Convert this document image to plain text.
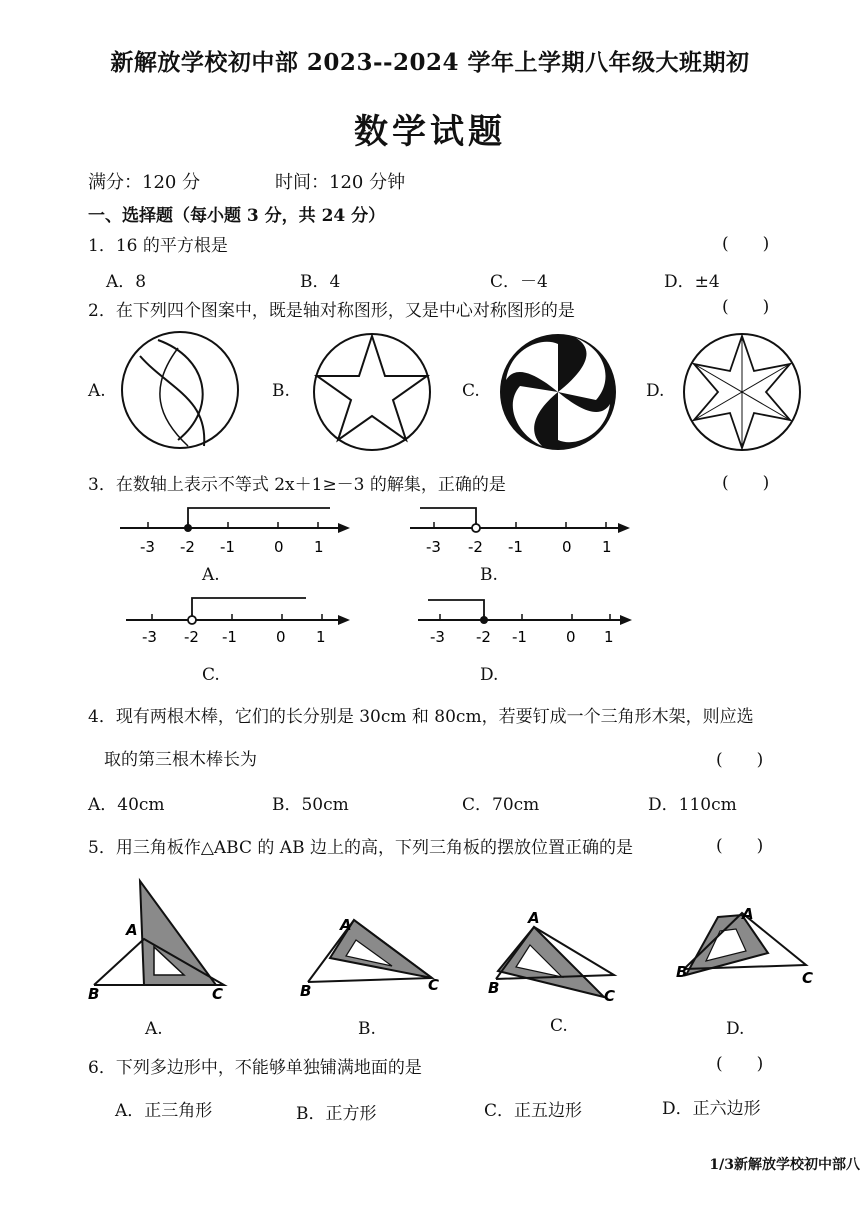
新解放学校初中部 2023--2024 学年上学期八年级大班期初
数学试题
满分：120 分	时间：120 分钟
一、选择题（每小题 3 分，共 24 分）
1．16 的平方根是	(　　)
A．8	B．4	C．－4	D．±4
2．在下列四个图案中，既是轴对称图形，又是中心对称图形的是	(　　)
A.	B.	C.	D.
3．在数轴上表示不等式 2x＋1≥－3 的解集，正确的是	(　　)
-3 -2 -1	0 1
A.
-3 -2 -1	0 1
B.
-3 -2 -1	0 1
C.
-3 -2 -1	0 1
D.
4．现有两根木棒，它们的长分别是 30cm 和 80cm，若要钉成一个三角形木架，则应选
取的第三根木棒长为	(　　)
A．40cm	B．50cm	C．70cm	D．110cm
5．用三角板作△ABC 的 AB 边上的高，下列三角板的摆放位置正确的是	(　　)
A
B	C
A.
A
B	C
B.
A
B	C
C.
A
B	C
D.
6．下列多边形中，不能够单独铺满地面的是	(　　)
A．正三角形	B．正方形	C．正五边形	D．正六边形
1/3新解放学校初中部八
